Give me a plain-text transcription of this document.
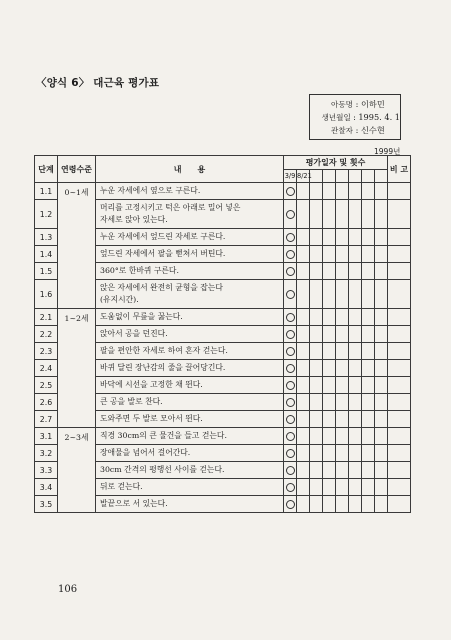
〈양식 6〉 대근육 평가표
아동명 : 이하민
생년월일 : 1995. 4. 1
관찰자 : 신수현
1999년
단계	연령수준	내　　용	평가일자 및 횟수								비 고
			3/9	8/21							
1.1	0~1세	누운 자세에서 옆으로 구른다.									

1.2		머리를 고정시키고 턱은 아래로 밀어 넣은
자세로 앉아 있는다.									

1.3		누운 자세에서 엎드린 자세로 구른다.									

1.4		엎드린 자세에서 팔을 뻗쳐서 버틴다.									

1.5		360°로 한바퀴 구른다.									

1.6		앉은 자세에서 완전히 균형을 잡는다
(유지시간).									

2.1	1~2세	도움없이 무릎을 꿇는다.									

2.2		앉아서 공을 던진다.									

2.3		팔을 편안한 자세로 하여 혼자 걷는다.									

2.4		바퀴 달린 장난감의 줄을 끌어당긴다.									

2.5		바닥에 시선을 고정한 채 뛴다.									

2.6		큰 공을 발로 찬다.									

2.7		도와주면 두 발로 모아서 뛴다.									

3.1	2~3세	직경 30cm의 큰 물건을 들고 걷는다.									

3.2		장애물을 넘어서 걸어간다.									

3.3		30cm 간격의 평행선 사이를 걷는다.									

3.4		뒤로 걷는다.									

3.5		발끝으로 서 있는다.									

106
